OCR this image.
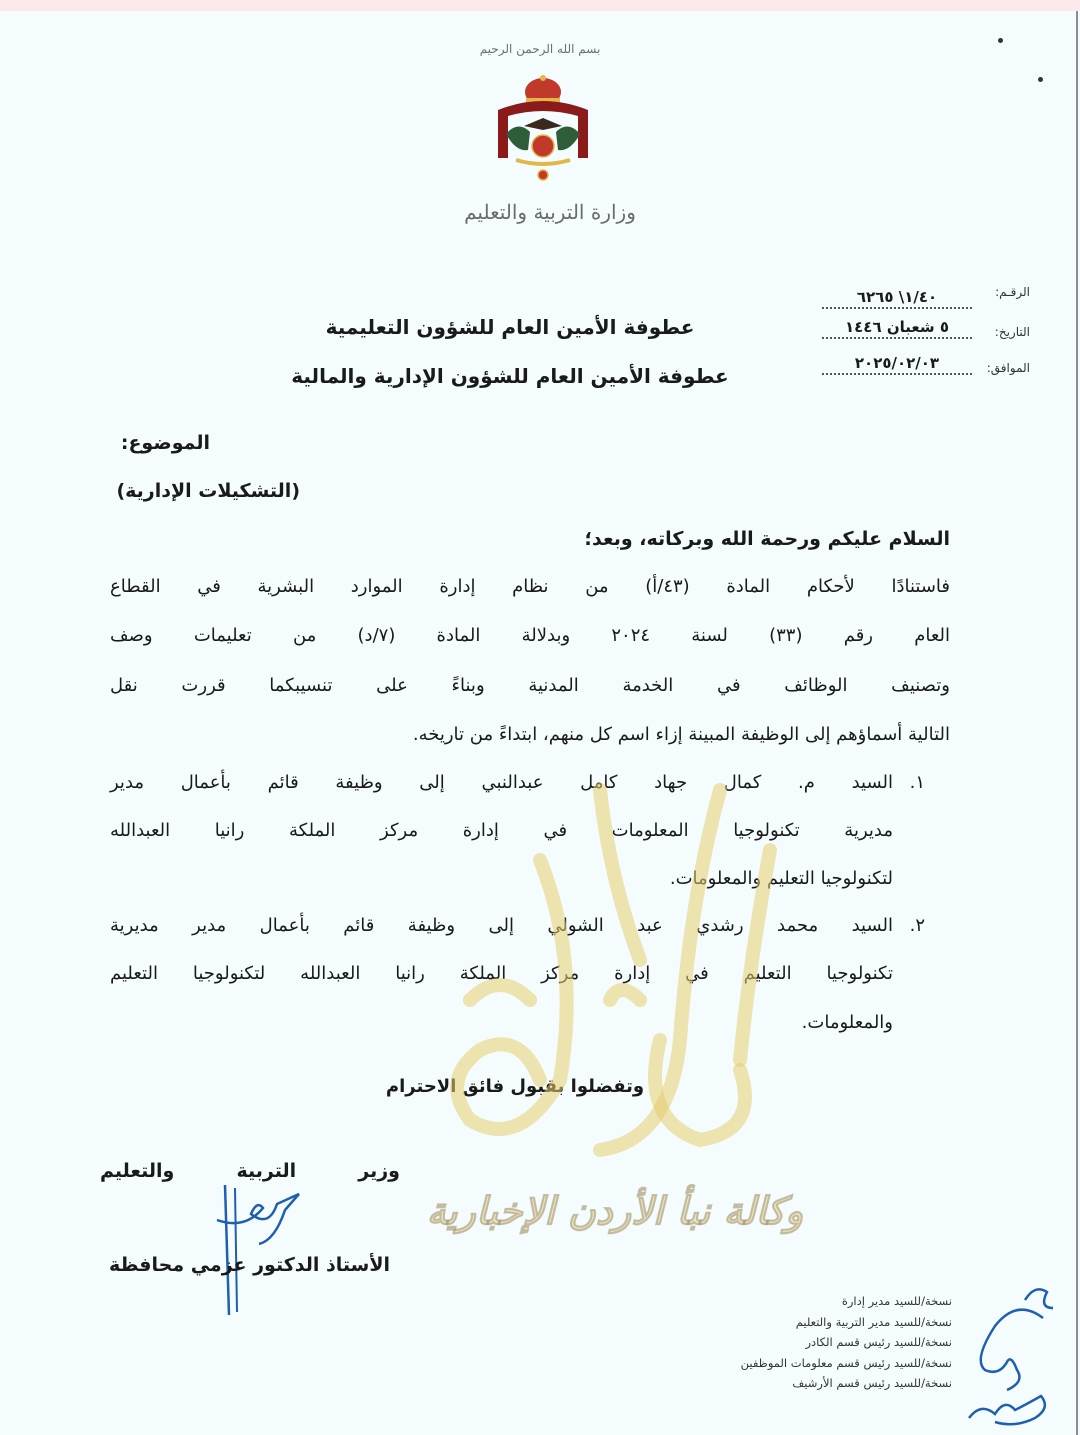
بسم الله الرحمن الرحيم
وزارة التربية والتعليم
الرقـم:
١/٤٠\ ٦٢٦٥
التاريخ:
٥ شعبان ١٤٤٦
الموافق:
٢٠٢٥/٠٢/٠٣
عطوفة الأمين العام للشؤون التعليمية
عطوفة الأمين العام للشؤون الإدارية والمالية
الموضوع:
(التشكيلات الإدارية)
السلام عليكم ورحمة الله وبركاته، وبعد؛
فاستنادًا لأحكام المادة (٤٣/أ) من نظام إدارة الموارد البشرية في القطاع
العام رقم (٣٣) لسنة ٢٠٢٤ وبدلالة المادة (٧/د) من تعليمات وصف
وتصنيف الوظائف في الخدمة المدنية وبناءً على تنسيبكما قررت نقل
التالية أسماؤهم إلى الوظيفة المبينة إزاء اسم كل منهم، ابتداءً من تاريخه.
١.
السيد م. كمال جهاد كامل عبدالنبي إلى وظيفة قائم بأعمال مدير
مديرية تكنولوجيا المعلومات في إدارة مركز الملكة رانيا العبدالله
لتكنولوجيا التعليم والمعلومات.
٢.
السيد محمد رشدي عبد الشولي إلى وظيفة قائم بأعمال مدير مديرية
تكنولوجيا التعليم في إدارة مركز الملكة رانيا العبدالله لتكنولوجيا التعليم
والمعلومات.
وتفضلوا بقبول فائق الاحترام
وزير التربية والتعليم
الأستاذ الدكتور عزمي محافظة
نسخة/للسيد مدير إدارة
نسخة/للسيد مدير التربية والتعليم
نسخة/للسيد رئيس قسم الكادر
نسخة/للسيد رئيس قسم معلومات الموظفين
نسخة/للسيد رئيس قسم الأرشيف
وكالة نبأ الأردن الإخبارية
